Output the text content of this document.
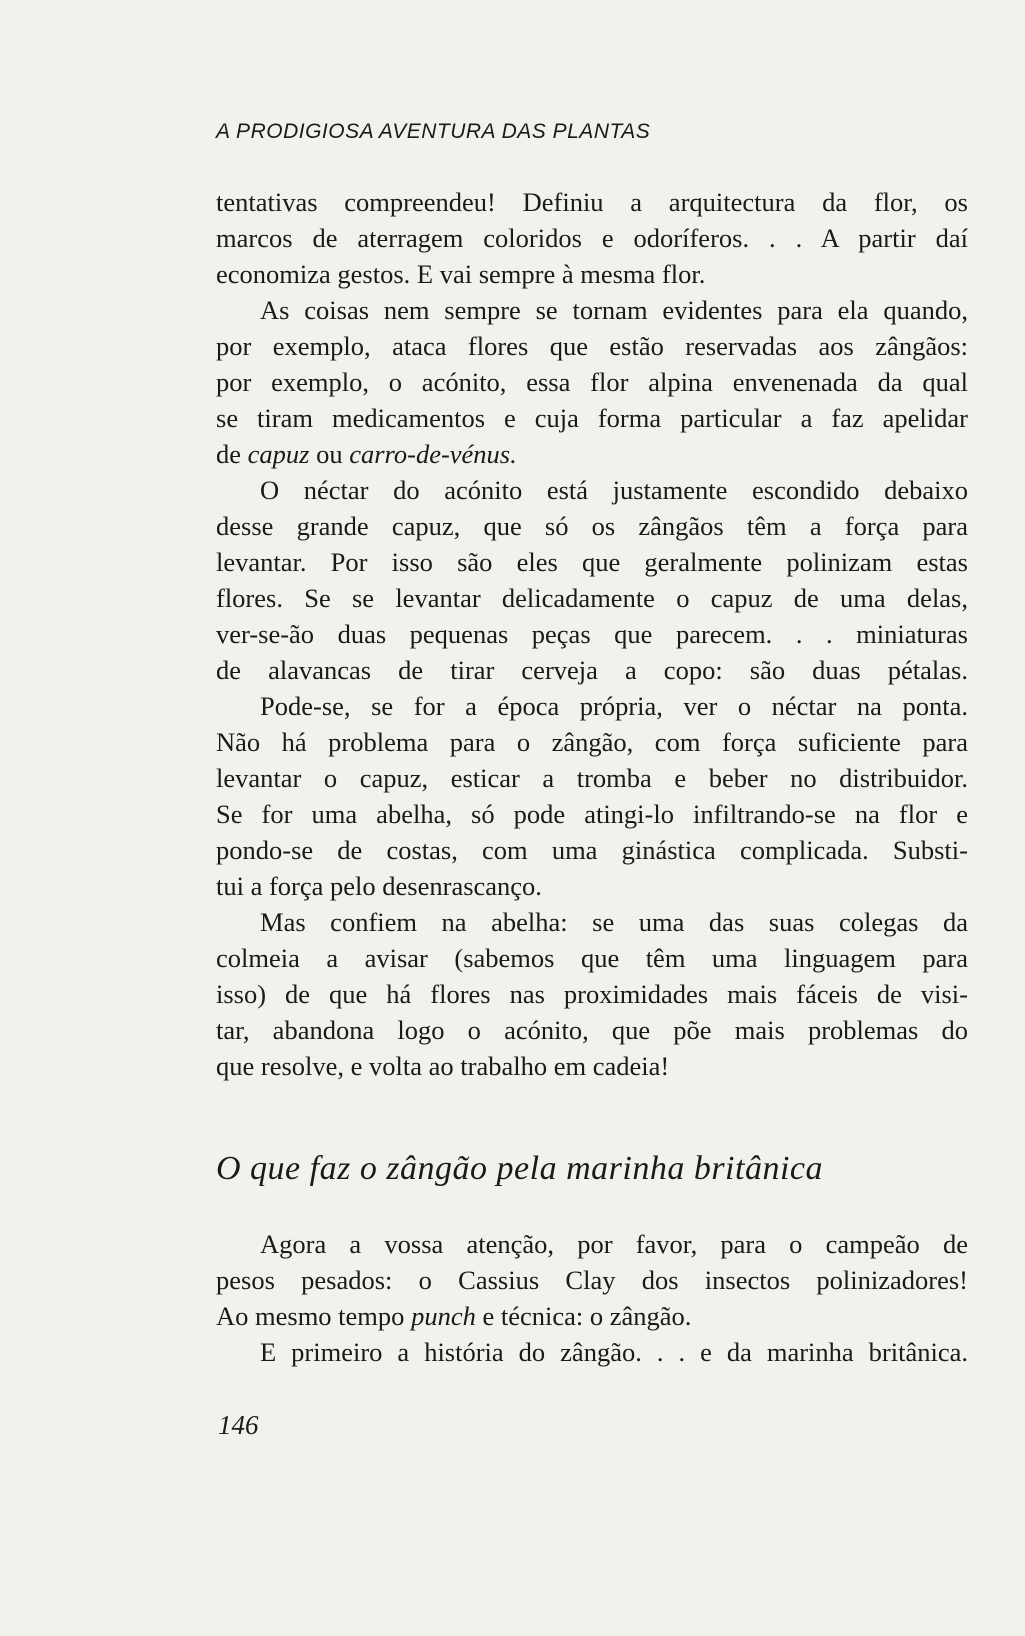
A PRODIGIOSA AVENTURA DAS PLANTAS
tentativas compreendeu! Definiu a arquitectura da flor, os
marcos de aterragem coloridos e odoríferos. . . A partir daí
economiza gestos. E vai sempre à mesma flor.
As coisas nem sempre se tornam evidentes para ela quando,
por exemplo, ataca flores que estão reservadas aos zângãos:
por exemplo, o acónito, essa flor alpina envenenada da qual
se tiram medicamentos e cuja forma particular a faz apelidar
de capuz ou carro-de-vénus.
O néctar do acónito está justamente escondido debaixo
desse grande capuz, que só os zângãos têm a força para
levantar. Por isso são eles que geralmente polinizam estas
flores. Se se levantar delicadamente o capuz de uma delas,
ver-se-ão duas pequenas peças que parecem. . . miniaturas
de alavancas de tirar cerveja a copo: são duas pétalas.
Pode-se, se for a época própria, ver o néctar na ponta.
Não há problema para o zângão, com força suficiente para
levantar o capuz, esticar a tromba e beber no distribuidor.
Se for uma abelha, só pode atingi-lo infiltrando-se na flor e
pondo-se de costas, com uma ginástica complicada. Substi-
tui a força pelo desenrascanço.
Mas confiem na abelha: se uma das suas colegas da
colmeia a avisar (sabemos que têm uma linguagem para
isso) de que há flores nas proximidades mais fáceis de visi-
tar, abandona logo o acónito, que põe mais problemas do
que resolve, e volta ao trabalho em cadeia!
O que faz o zângão pela marinha britânica
Agora a vossa atenção, por favor, para o campeão de
pesos pesados: o Cassius Clay dos insectos polinizadores!
Ao mesmo tempo punch e técnica: o zângão.
E primeiro a história do zângão. . . e da marinha britânica.
146
